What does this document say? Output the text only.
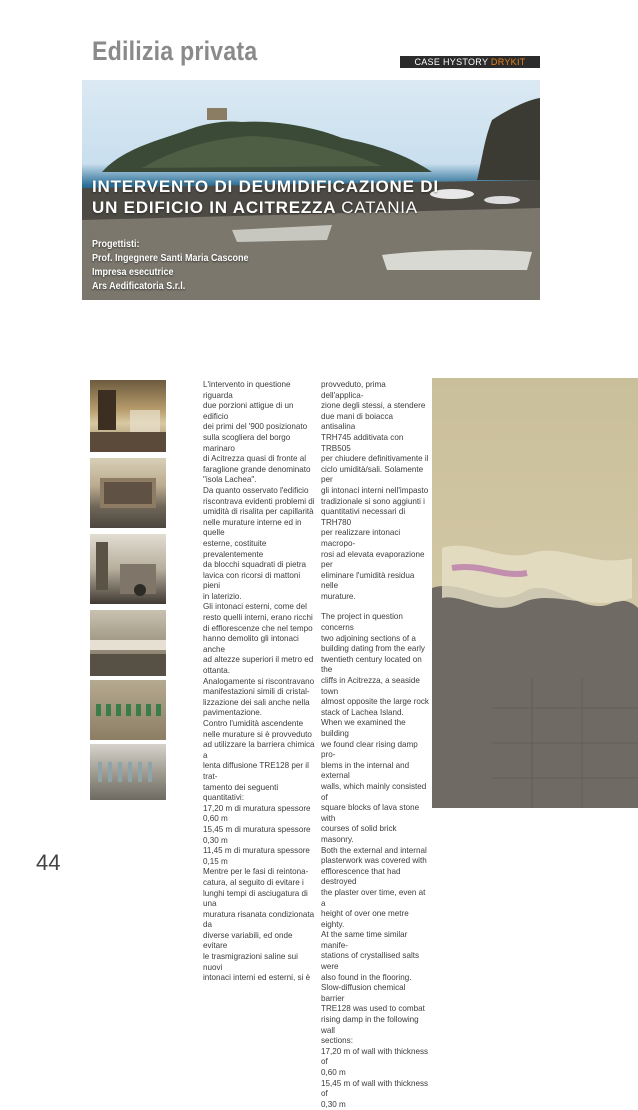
Edilizia privata	CASE HYSTORY DRYKIT
INTERVENTO DI DEUMIDIFICAZIONE DI
UN EDIFICIO IN ACITREZZA CATANIA
Progettisti:
Prof. Ingegnere Santi Maria Cascone
Impresa esecutrice
Ars Aedificatoria S.r.l.

L'intervento in questione riguarda
due porzioni attigue di un edificio
dei primi del '900 posizionato
sulla scogliera del borgo marinaro
di Acitrezza quasi di fronte al
faraglione grande denominato
"isola Lachea".
Da quanto osservato l'edificio
riscontrava evidenti problemi di
umidità di risalita per capillarità
nelle murature interne ed in quelle
esterne, costituite prevalentemente
da blocchi squadrati di pietra
lavica con ricorsi di mattoni pieni
in laterizio.
Gli intonaci esterni, come del
resto quelli interni, erano ricchi
di efflorescenze che nel tempo
hanno demolito gli intonaci anche
ad altezze superiori il metro ed
ottanta.
Analogamente si riscontravano
manifestazioni simili di cristal-
lizzazione dei sali anche nella
pavimentazione.
Contro l'umidità ascendente
nelle murature si è provveduto
ad utilizzare la barriera chimica a
lenta diffusione TRE128 per il trat-
tamento dei seguenti quantitativi:
17,20 m di muratura spessore
0,60 m
15,45 m di muratura spessore
0,30 m
11,45 m di muratura spessore
0,15 m
Mentre per le fasi di reintona-
catura, al seguito di evitare i
lunghi tempi di asciugatura di una
muratura risanata condizionata da
diverse variabili, ed onde evitare
le trasmigrazioni saline sui nuovi
intonaci interni ed esterni, si è

provveduto, prima dell'applica-
zione degli stessi, a stendere
due mani di boiacca antisalina
TRH745 additivata con TRB505
per chiudere definitivamente il
ciclo umidità/sali. Solamente per
gli intonaci interni nell'impasto
tradizionale si sono aggiunti i
quantitativi necessari di TRH780
per realizzare intonaci macropo-
rosi ad elevata evaporazione per
eliminare l'umidità residua nelle
murature.

The project in question concerns
two adjoining sections of a
building dating from the early
twentieth century located on the
cliffs in Acitrezza, a seaside town
almost opposite the large rock
stack of Lachea Island.
When we examined the building
we found clear rising damp pro-
blems in the internal and external
walls, which mainly consisted of
square blocks of lava stone with
courses of solid brick masonry.
Both the external and internal
plasterwork was covered with
efflorescence that had destroyed
the plaster over time, even at a
height of over one metre eighty.
At the same time similar manife-
stations of crystallised salts were
also found in the flooring.
Slow-diffusion chemical barrier
TRE128 was used to combat
rising damp in the following wall
sections:
17,20 m of wall with thickness of
0,60 m
15,45 m of wall with thickness of
0,30 m

44
